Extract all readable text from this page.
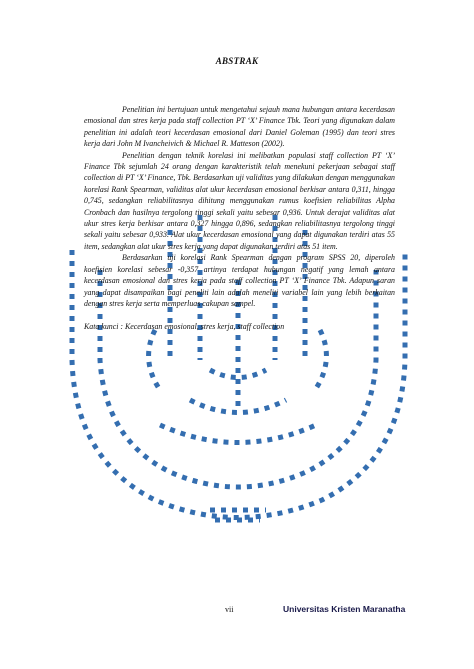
ABSTRAK

Penelitian ini bertujuan untuk mengetahui sejauh mana hubungan antara kecerdasan emosional dan stres kerja pada staff collection PT ‘X’ Finance Tbk. Teori yang digunakan dalam penelitian ini adalah teori kecerdasan emosional dari Daniel Goleman (1995) dan teori stres kerja dari John M Ivancheivich & Michael R. Matteson (2002).

Penelitian dengan teknik korelasi ini melibatkan populasi staff collection PT ‘X’ Finance Tbk sejumlah 24 orang dengan karakteristik telah menekuni pekerjaan sebagai staff collection di PT ‘X’ Finance, Tbk. Berdasarkan uji validitas yang dilakukan dengan menggunakan korelasi Rank Spearman, validitas alat ukur kecerdasan emosional berkisar antara 0,311, hingga 0,745, sedangkan reliabilitasnya dihitung menggunakan rumus koefisien reliabilitas Alpha Cronbach dan hasilnya tergolong tinggi sekali yaitu sebesar 0,936. Untuk derajat validitas alat ukur stres kerja berkisar antara 0,327 hingga 0,896, sedangkan reliabilitasnya tergolong tinggi sekali yaitu sebesar 0,933. Alat ukur kecerdasan emosional yang dapat digunakan terdiri atas 55 item, sedangkan alat ukur stres kerja yang dapat digunakan terdiri atas 51 item.

Berdasarkan uji korelasi Rank Spearman dengan program SPSS 20, diperoleh koefisien korelasi sebesar -0,357 artinya terdapat hubungan negatif yang lemah antara kecerdasan emosional dan stres kerja pada staff collection PT ‘X’ Finance Tbk. Adapun saran yang dapat disampaikan bagi peneliti lain adalah meneliti variabel lain yang lebih berkaitan dengan stres kerja serta memperluas cakupan sampel.

Kata kunci : Kecerdasan emosional, stres kerja, staff collection

vii	Universitas Kristen Maranatha
